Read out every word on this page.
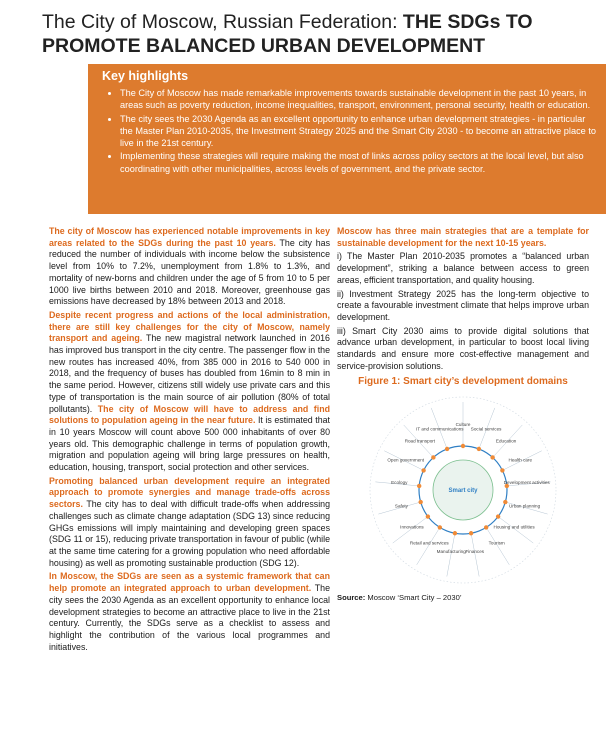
The City of Moscow, Russian Federation: THE SDGs TO PROMOTE BALANCED URBAN DEVELOPMENT
Key highlights
• The City of Moscow has made remarkable improvements towards sustainable development in the past 10 years, in areas such as poverty reduction, income inequalities, transport, environment, personal security, health or education.
• The city sees the 2030 Agenda as an excellent opportunity to enhance urban development strategies - in particular the Master Plan 2010-2035, the Investment Strategy 2025 and the Smart City 2030 - to become an attractive place to live in the 21st century.
• Implementing these strategies will require making the most of links across policy sectors at the local level, but also coordinating with other municipalities, across levels of government, and the private sector.

The city of Moscow has experienced notable improvements in key areas related to the SDGs during the past 10 years. The city has reduced the number of individuals with income below the subsistence level from 10% to 7.2%, unemployment from 1.8% to 1.3%, and mortality of new-borns and children under the age of 5 from 10 to 5 per 1000 live births between 2010 and 2018. Moreover, greenhouse gas emissions have decreased by 18% between 2013 and 2018.

Despite recent progress and actions of the local administration, there are still key challenges for the city of Moscow, namely transport and ageing. The new magistral network launched in 2016 has improved bus transport in the city centre. The passenger flow in the new routes has increased 40%, from 385 000 in 2016 to 540 000 in 2018, and the frequency of buses has doubled from 16min to 8 min in the same period. However, citizens still widely use private cars and this type of transportation is the main source of air pollution (80% of total pollutants). The city of Moscow will have to address and find solutions to population ageing in the near future. It is estimated that in 10 years Moscow will count above 500 000 inhabitants of over 80 years old. This demographic challenge in terms of population growth, migration and population ageing will bring large pressures on health, education, housing, transport, social protection and other services.

Promoting balanced urban development require an integrated approach to promote synergies and manage trade-offs across sectors. The city has to deal with difficult trade-offs when addressing challenges such as climate change adaptation (SDG 13) since reducing GHGs emissions will imply maintaining and developing green spaces (SDG 11 or 15), reducing private transportation in favour of public (while at the same time catering for a growing population who need affordable housing) as well as promoting sustainable production (SDG 12).

In Moscow, the SDGs are seen as a systemic framework that can help promote an integrated approach to urban development. The city sees the 2030 Agenda as an excellent opportunity to enhance local development strategies to become an attractive place to live in the 21st century. Currently, the SDGs serve as a checklist to assess and highlight the contribution of the various local programmes and initiatives.

Moscow has three main strategies that are a template for sustainable development for the next 10-15 years.

i) The Master Plan 2010-2035 promotes a “balanced urban development”, striking a balance between access to green areas, efficient transportation, and quality housing.

ii) Investment Strategy 2025 has the long-term objective to create a favourable investment climate that helps improve urban development.

iii) Smart City 2030 aims to provide digital solutions that advance urban development, in particular to boost local living standards and ensure more cost-effective management and service-provision solutions.

Figure 1: Smart city’s development domains
Culture
Social services
Education
Health care
Development activities
Urban planning
Housing and utilities
Tourism
Finances
Manufacturing
Retail and services
Innovations
Safety
Ecology
Open government
Road transport
IT and communications
Smart city
Source: Moscow ‘Smart City – 2030’
